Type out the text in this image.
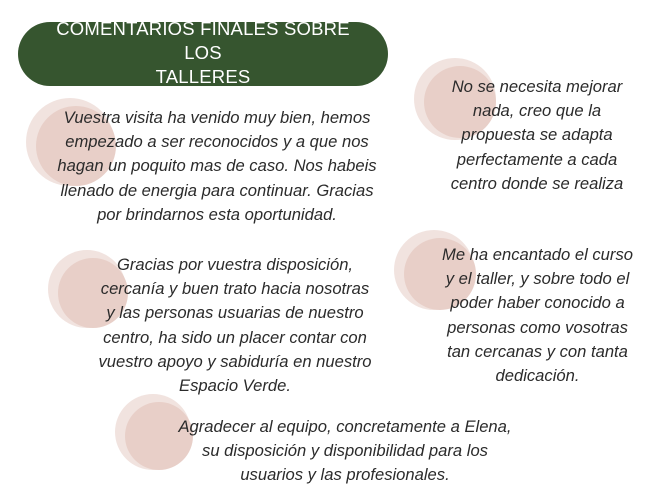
COMENTARIOS FINALES SOBRE LOS
TALLERES
Vuestra visita ha venido muy bien, hemos
empezado a ser reconocidos y a que nos
hagan un poquito mas de caso. Nos habeis
llenado de energia para continuar. Gracias
por brindarnos esta oportunidad.
No se necesita mejorar
nada, creo que la
propuesta se adapta
perfectamente a cada
centro donde se realiza
Gracias por vuestra disposición,
cercanía y buen trato hacia nosotras
y las personas usuarias de nuestro
centro, ha sido un placer contar con
vuestro apoyo y sabiduría en nuestro
Espacio Verde.
Me ha encantado el curso
y el taller, y sobre todo el
poder haber conocido a
personas como vosotras
tan cercanas y con tanta
dedicación.
Agradecer al equipo, concretamente a Elena,
su disposición y disponibilidad para los
usuarios y las profesionales.
